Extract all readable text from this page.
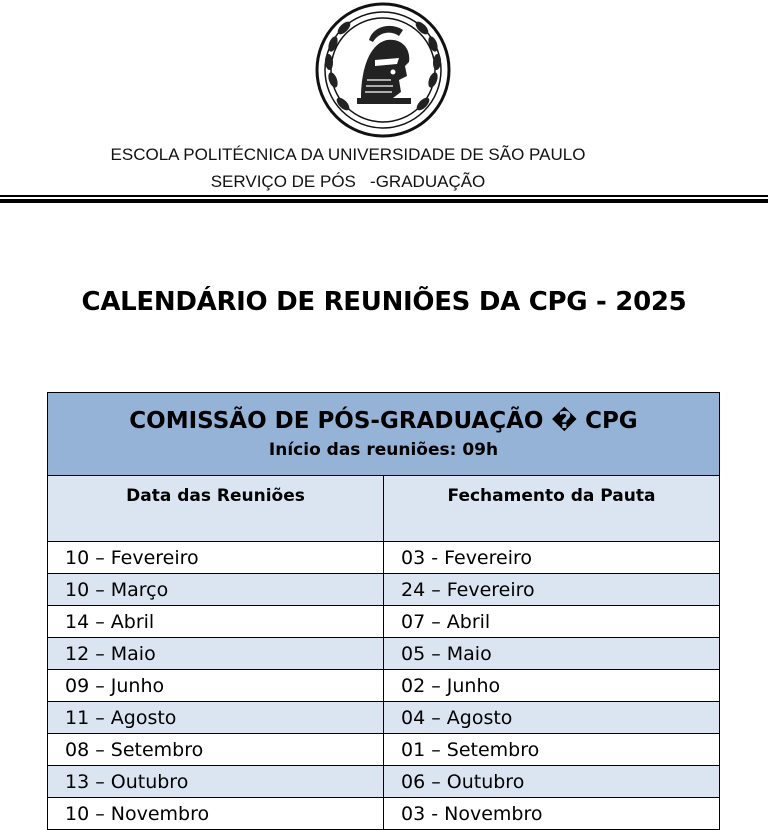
ESCOLA POLITÉCNICA DA UNIVERSIDADE DE SÃO PAULO
SERVIÇO DE PÓS   -GRADUAÇÃO
CALENDÁRIO DE REUNIÕES DA CPG - 2025
COMISSÃO DE PÓS-GRADUAÇÃO � CPG
Início das reuniões: 09h	

Data das Reuniões	Fechamento da Pauta
10 – Fevereiro	03 - Fevereiro
10 – Março	24 – Fevereiro
14 – Abril	07 – Abril
12 – Maio	05 – Maio
09 – Junho	02 – Junho
11 – Agosto	04 – Agosto
08 – Setembro	01 – Setembro
13 – Outubro	06 – Outubro
10 – Novembro	03 - Novembro
